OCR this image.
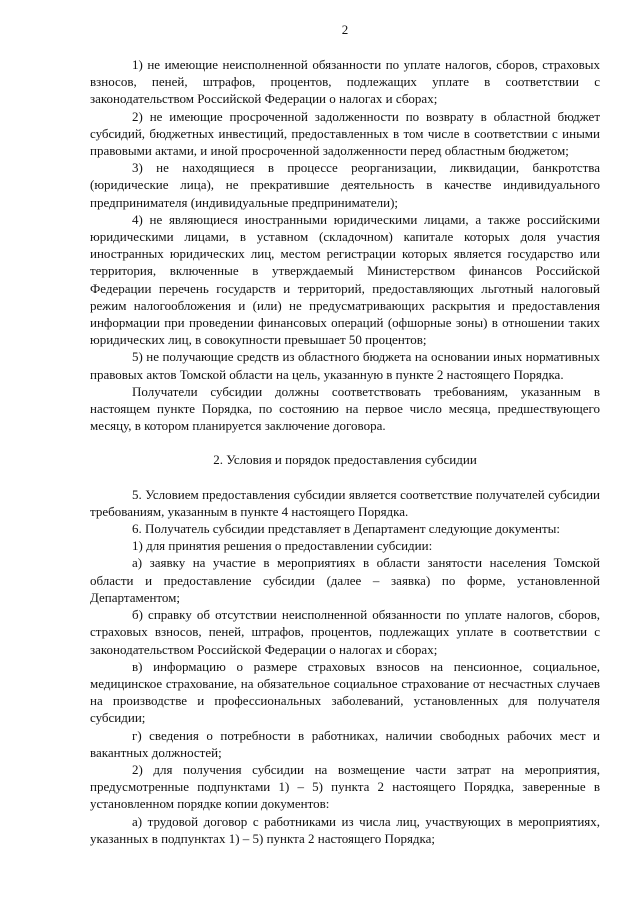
2

1) не имеющие неисполненной обязанности по уплате налогов, сборов, страховых взносов, пеней, штрафов, процентов, подлежащих уплате в соответствии с законодательством Российской Федерации о налогах и сборах;

2) не имеющие просроченной задолженности по возврату в областной бюджет субсидий, бюджетных инвестиций, предоставленных в том числе в соответствии с иными правовыми актами, и иной просроченной задолженности перед областным бюджетом;

3) не находящиеся в процессе реорганизации, ликвидации, банкротства (юридические лица), не прекратившие деятельность в качестве индивидуального предпринимателя (индивидуальные предприниматели);

4) не являющиеся иностранными юридическими лицами, а также российскими юридическими лицами, в уставном (складочном) капитале которых доля участия иностранных юридических лиц, местом регистрации которых является государство или территория, включенные в утверждаемый Министерством финансов Российской Федерации перечень государств и территорий, предоставляющих льготный налоговый режим налогообложения и (или) не предусматривающих раскрытия и предоставления информации при проведении финансовых операций (офшорные зоны) в отношении таких юридических лиц, в совокупности превышает 50 процентов;

5) не получающие средств из областного бюджета на основании иных нормативных правовых актов Томской области на цель, указанную в пункте 2 настоящего Порядка.

Получатели субсидии должны соответствовать требованиям, указанным в настоящем пункте Порядка, по состоянию на первое число месяца, предшествующего месяцу, в котором планируется заключение договора.

2. Условия и порядок предоставления субсидии

5. Условием предоставления субсидии является соответствие получателей субсидии требованиям, указанным в пункте 4 настоящего Порядка.

6. Получатель субсидии представляет в Департамент следующие документы:

1) для принятия решения о предоставлении субсидии:

а) заявку на участие в мероприятиях в области занятости населения Томской области и предоставление субсидии (далее – заявка) по форме, установленной Департаментом;

б) справку об отсутствии неисполненной обязанности по уплате налогов, сборов, страховых взносов, пеней, штрафов, процентов, подлежащих уплате в соответствии с законодательством Российской Федерации о налогах и сборах;

в) информацию о размере страховых взносов на пенсионное, социальное, медицинское страхование, на обязательное социальное страхование от несчастных случаев на производстве и профессиональных заболеваний, установленных для получателя субсидии;

г) сведения о потребности в работниках, наличии свободных рабочих мест и вакантных должностей;

2) для получения субсидии на возмещение части затрат на мероприятия, предусмотренные подпунктами 1) – 5) пункта 2 настоящего Порядка, заверенные в установленном порядке копии документов:

а) трудовой договор с работниками из числа лиц, участвующих в мероприятиях, указанных в подпунктах 1) – 5) пункта 2 настоящего Порядка;
